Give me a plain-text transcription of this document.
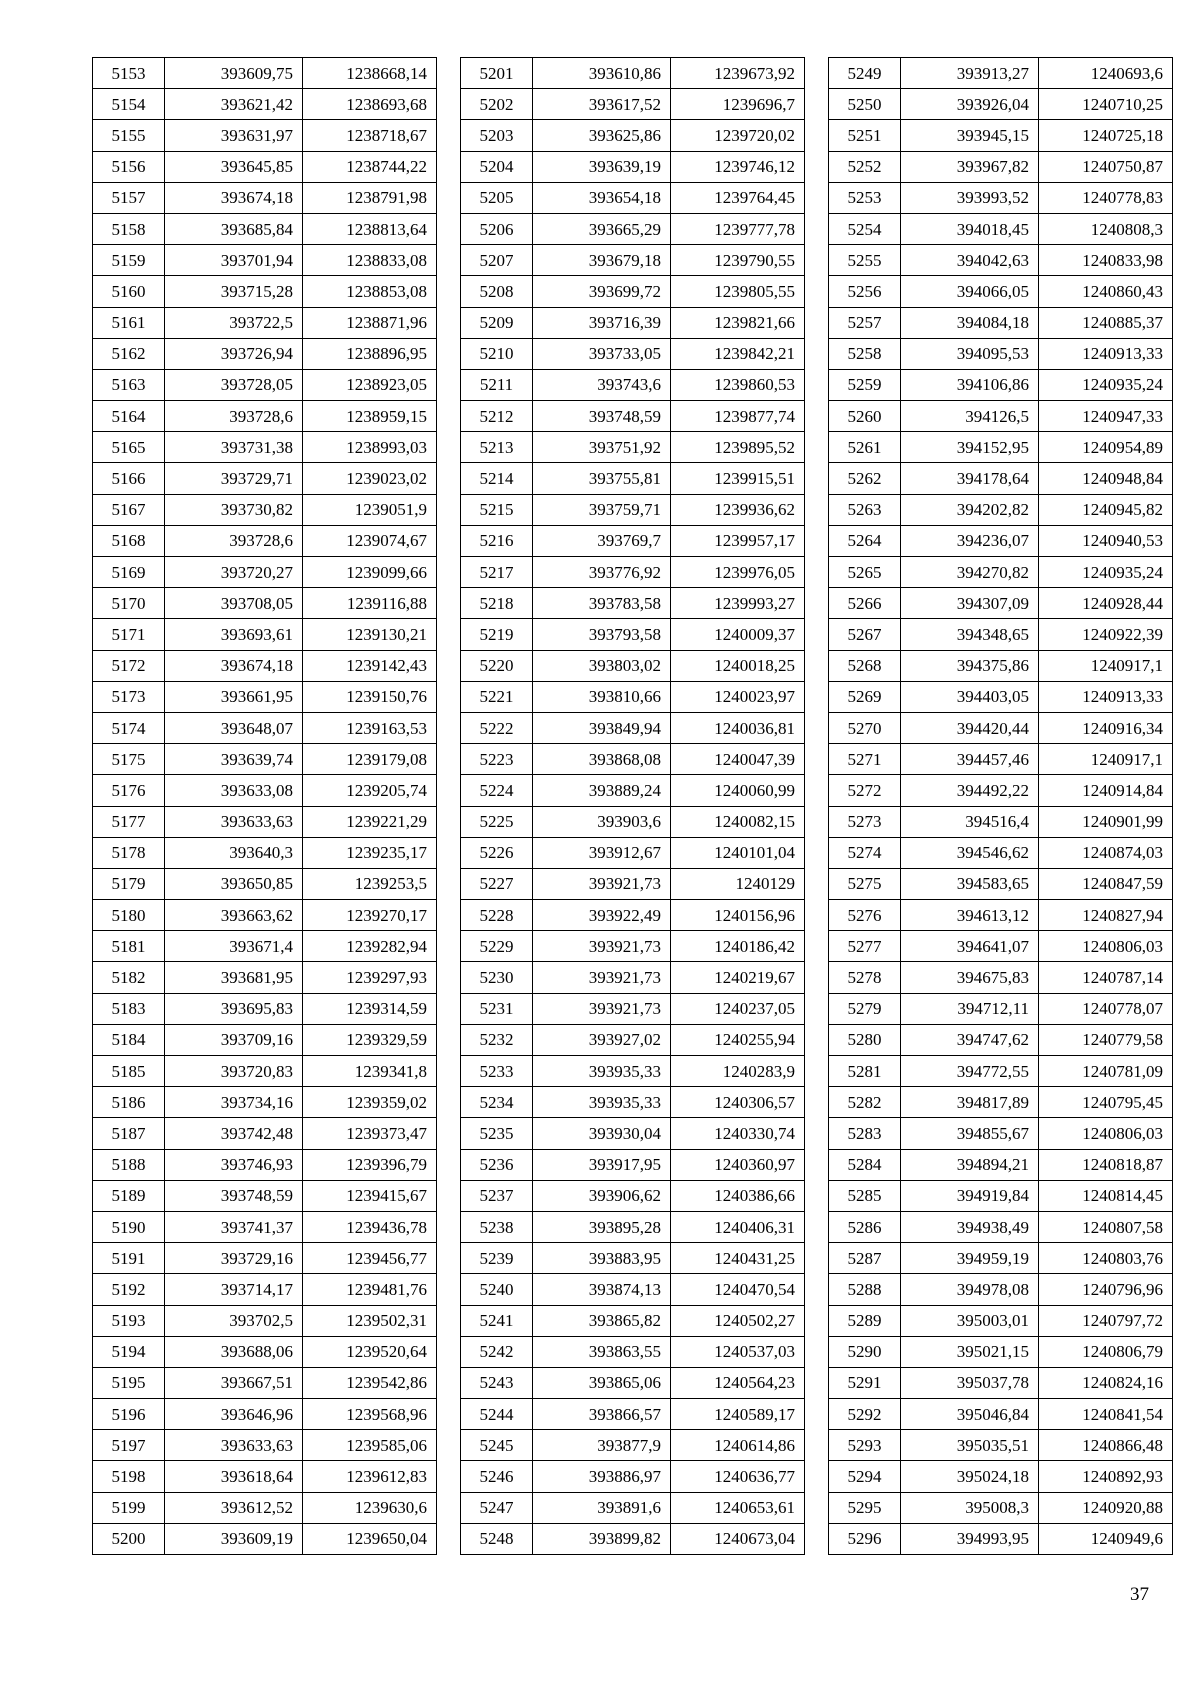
5153	393609,75	1238668,14
5154	393621,42	1238693,68
5155	393631,97	1238718,67
5156	393645,85	1238744,22
5157	393674,18	1238791,98
5158	393685,84	1238813,64
5159	393701,94	1238833,08
5160	393715,28	1238853,08
5161	393722,5	1238871,96
5162	393726,94	1238896,95
5163	393728,05	1238923,05
5164	393728,6	1238959,15
5165	393731,38	1238993,03
5166	393729,71	1239023,02
5167	393730,82	1239051,9
5168	393728,6	1239074,67
5169	393720,27	1239099,66
5170	393708,05	1239116,88
5171	393693,61	1239130,21
5172	393674,18	1239142,43
5173	393661,95	1239150,76
5174	393648,07	1239163,53
5175	393639,74	1239179,08
5176	393633,08	1239205,74
5177	393633,63	1239221,29
5178	393640,3	1239235,17
5179	393650,85	1239253,5
5180	393663,62	1239270,17
5181	393671,4	1239282,94
5182	393681,95	1239297,93
5183	393695,83	1239314,59
5184	393709,16	1239329,59
5185	393720,83	1239341,8
5186	393734,16	1239359,02
5187	393742,48	1239373,47
5188	393746,93	1239396,79
5189	393748,59	1239415,67
5190	393741,37	1239436,78
5191	393729,16	1239456,77
5192	393714,17	1239481,76
5193	393702,5	1239502,31
5194	393688,06	1239520,64
5195	393667,51	1239542,86
5196	393646,96	1239568,96
5197	393633,63	1239585,06
5198	393618,64	1239612,83
5199	393612,52	1239630,6
5200	393609,19	1239650,04
5201	393610,86	1239673,92
5202	393617,52	1239696,7
5203	393625,86	1239720,02
5204	393639,19	1239746,12
5205	393654,18	1239764,45
5206	393665,29	1239777,78
5207	393679,18	1239790,55
5208	393699,72	1239805,55
5209	393716,39	1239821,66
5210	393733,05	1239842,21
5211	393743,6	1239860,53
5212	393748,59	1239877,74
5213	393751,92	1239895,52
5214	393755,81	1239915,51
5215	393759,71	1239936,62
5216	393769,7	1239957,17
5217	393776,92	1239976,05
5218	393783,58	1239993,27
5219	393793,58	1240009,37
5220	393803,02	1240018,25
5221	393810,66	1240023,97
5222	393849,94	1240036,81
5223	393868,08	1240047,39
5224	393889,24	1240060,99
5225	393903,6	1240082,15
5226	393912,67	1240101,04
5227	393921,73	1240129
5228	393922,49	1240156,96
5229	393921,73	1240186,42
5230	393921,73	1240219,67
5231	393921,73	1240237,05
5232	393927,02	1240255,94
5233	393935,33	1240283,9
5234	393935,33	1240306,57
5235	393930,04	1240330,74
5236	393917,95	1240360,97
5237	393906,62	1240386,66
5238	393895,28	1240406,31
5239	393883,95	1240431,25
5240	393874,13	1240470,54
5241	393865,82	1240502,27
5242	393863,55	1240537,03
5243	393865,06	1240564,23
5244	393866,57	1240589,17
5245	393877,9	1240614,86
5246	393886,97	1240636,77
5247	393891,6	1240653,61
5248	393899,82	1240673,04
5249	393913,27	1240693,6
5250	393926,04	1240710,25
5251	393945,15	1240725,18
5252	393967,82	1240750,87
5253	393993,52	1240778,83
5254	394018,45	1240808,3
5255	394042,63	1240833,98
5256	394066,05	1240860,43
5257	394084,18	1240885,37
5258	394095,53	1240913,33
5259	394106,86	1240935,24
5260	394126,5	1240947,33
5261	394152,95	1240954,89
5262	394178,64	1240948,84
5263	394202,82	1240945,82
5264	394236,07	1240940,53
5265	394270,82	1240935,24
5266	394307,09	1240928,44
5267	394348,65	1240922,39
5268	394375,86	1240917,1
5269	394403,05	1240913,33
5270	394420,44	1240916,34
5271	394457,46	1240917,1
5272	394492,22	1240914,84
5273	394516,4	1240901,99
5274	394546,62	1240874,03
5275	394583,65	1240847,59
5276	394613,12	1240827,94
5277	394641,07	1240806,03
5278	394675,83	1240787,14
5279	394712,11	1240778,07
5280	394747,62	1240779,58
5281	394772,55	1240781,09
5282	394817,89	1240795,45
5283	394855,67	1240806,03
5284	394894,21	1240818,87
5285	394919,84	1240814,45
5286	394938,49	1240807,58
5287	394959,19	1240803,76
5288	394978,08	1240796,96
5289	395003,01	1240797,72
5290	395021,15	1240806,79
5291	395037,78	1240824,16
5292	395046,84	1240841,54
5293	395035,51	1240866,48
5294	395024,18	1240892,93
5295	395008,3	1240920,88
5296	394993,95	1240949,6
37
